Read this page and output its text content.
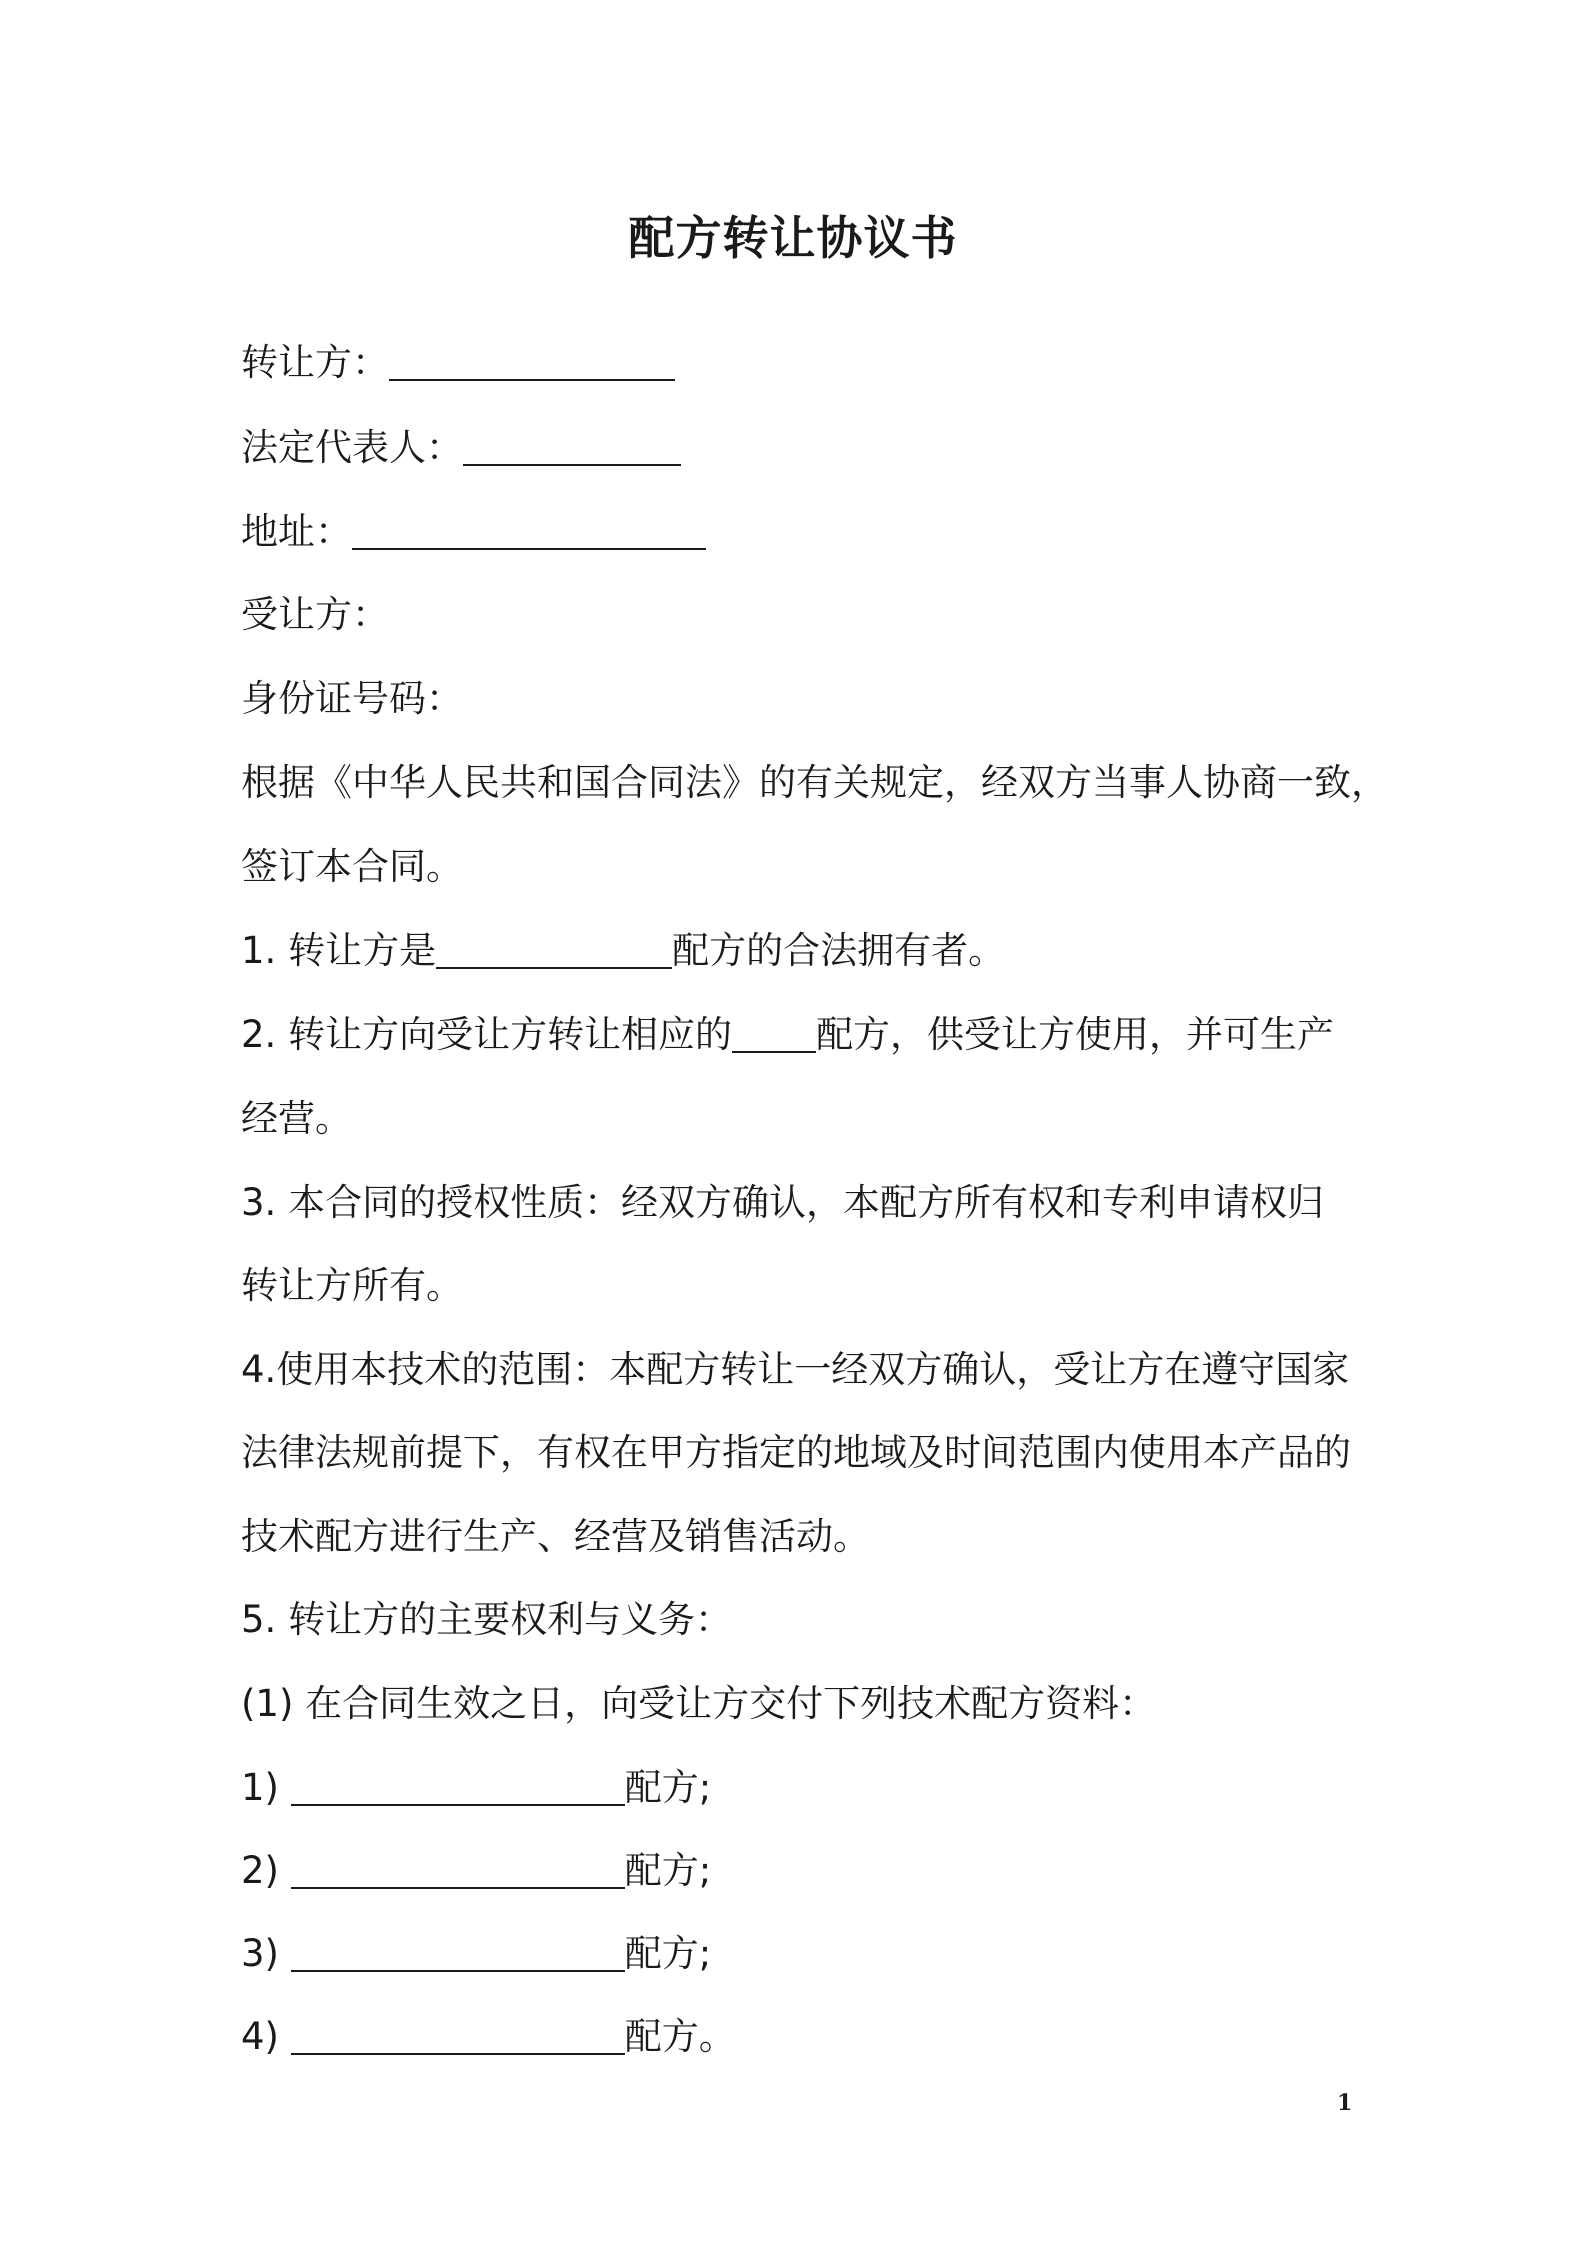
配方转让协议书
转让方：
法定代表人：
地址：
受让方：
身份证号码：
根据《中华人民共和国合同法》的有关规定，经双方当事人协商一致，
签订本合同。
1. 转让方是	配方的合法拥有者。
2. 转让方向受让方转让相应的 配方，供受让方使用，并可生产
经营。
3. 本合同的授权性质：经双方确认，本配方所有权和专利申请权归
转让方所有。
4.使用本技术的范围：本配方转让一经双方确认，受让方在遵守国家
法律法规前提下，有权在甲方指定的地域及时间范围内使用本产品的
技术配方进行生产、经营及销售活动。
5. 转让方的主要权利与义务：
(1) 在合同生效之日，向受让方交付下列技术配方资料：
1)	配方;
2)	配方;
3)	配方;
4)	配方。
1
